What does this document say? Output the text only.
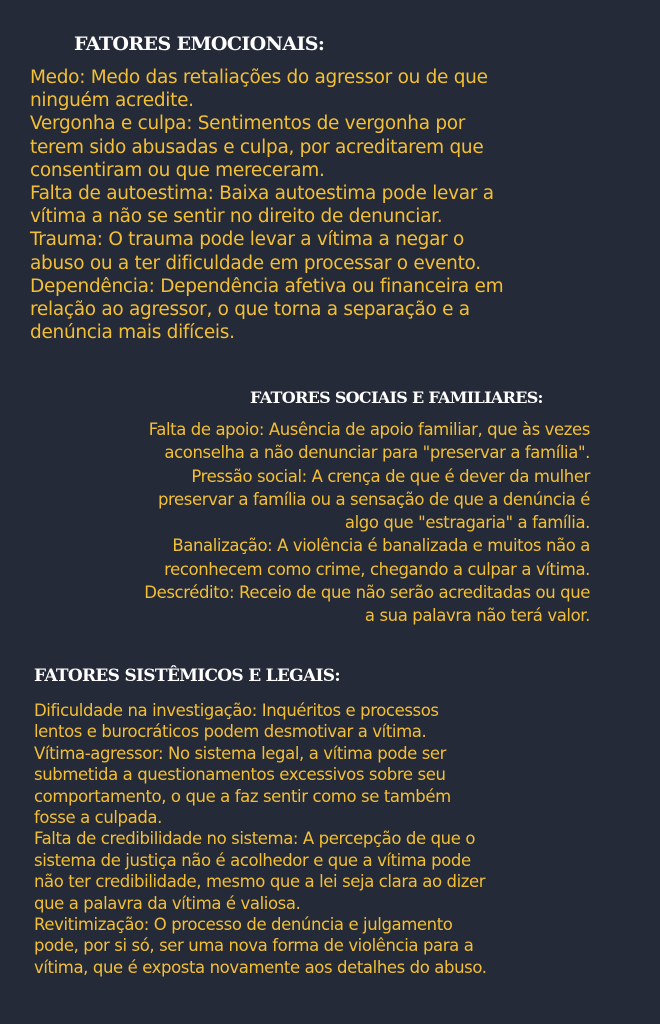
FATORES EMOCIONAIS:

Medo: Medo das retaliações do agressor ou de que
ninguém acredite.
Vergonha e culpa: Sentimentos de vergonha por
terem sido abusadas e culpa, por acreditarem que
consentiram ou que mereceram.
Falta de autoestima: Baixa autoestima pode levar a
vítima a não se sentir no direito de denunciar.
Trauma: O trauma pode levar a vítima a negar o
abuso ou a ter dificuldade em processar o evento.
Dependência: Dependência afetiva ou financeira em
relação ao agressor, o que torna a separação e a
denúncia mais difíceis.

FATORES SOCIAIS E FAMILIARES:

Falta de apoio: Ausência de apoio familiar, que às vezes
aconselha a não denunciar para "preservar a família".
Pressão social: A crença de que é dever da mulher
preservar a família ou a sensação de que a denúncia é
algo que "estragaria" a família.
Banalização: A violência é banalizada e muitos não a
reconhecem como crime, chegando a culpar a vítima.
Descrédito: Receio de que não serão acreditadas ou que
a sua palavra não terá valor.

FATORES SISTÊMICOS E LEGAIS:

Dificuldade na investigação: Inquéritos e processos
lentos e burocráticos podem desmotivar a vítima.
Vítima-agressor: No sistema legal, a vítima pode ser
submetida a questionamentos excessivos sobre seu
comportamento, o que a faz sentir como se também
fosse a culpada.
Falta de credibilidade no sistema: A percepção de que o
sistema de justiça não é acolhedor e que a vítima pode
não ter credibilidade, mesmo que a lei seja clara ao dizer
que a palavra da vítima é valiosa.
Revitimização: O processo de denúncia e julgamento
pode, por si só, ser uma nova forma de violência para a
vítima, que é exposta novamente aos detalhes do abuso.
